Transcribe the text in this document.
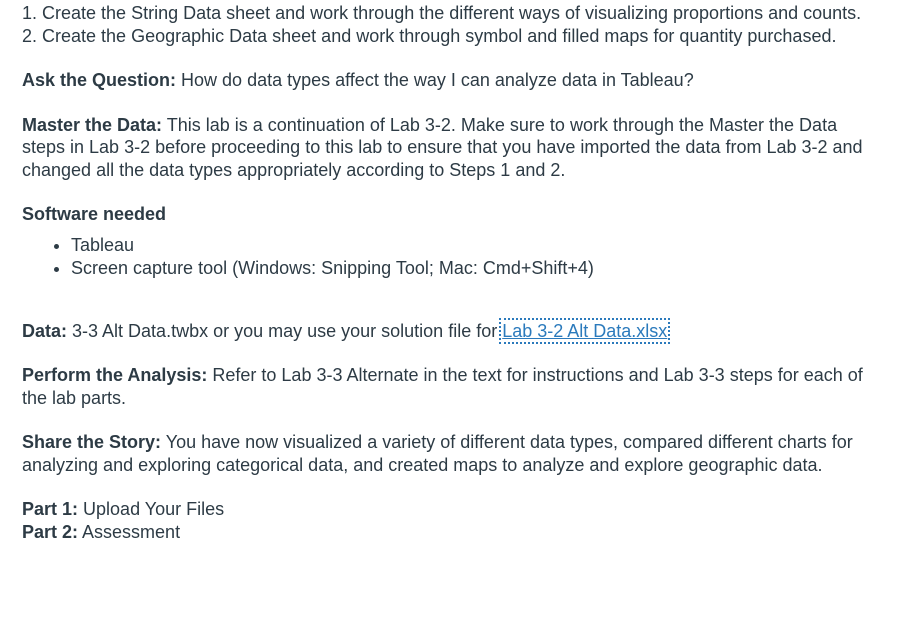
1. Create the String Data sheet and work through the different ways of visualizing proportions and counts.

2. Create the Geographic Data sheet and work through symbol and filled maps for quantity purchased.

Ask the Question: How do data types affect the way I can analyze data in Tableau?

Master the Data: This lab is a continuation of Lab 3-2. Make sure to work through the Master the Data steps in Lab 3-2 before proceeding to this lab to ensure that you have imported the data from Lab 3-2 and changed all the data types appropriately according to Steps 1 and 2.

Software needed

• Tableau
• Screen capture tool (Windows: Snipping Tool; Mac: Cmd+Shift+4)

Data: 3-3 Alt Data.twbx or you may use your solution file for Lab 3-2 Alt Data.xlsx

Perform the Analysis: Refer to Lab 3-3 Alternate in the text for instructions and Lab 3-3 steps for each of the lab parts.

Share the Story: You have now visualized a variety of different data types, compared different charts for analyzing and exploring categorical data, and created maps to analyze and explore geographic data.

Part 1: Upload Your Files

Part 2: Assessment
